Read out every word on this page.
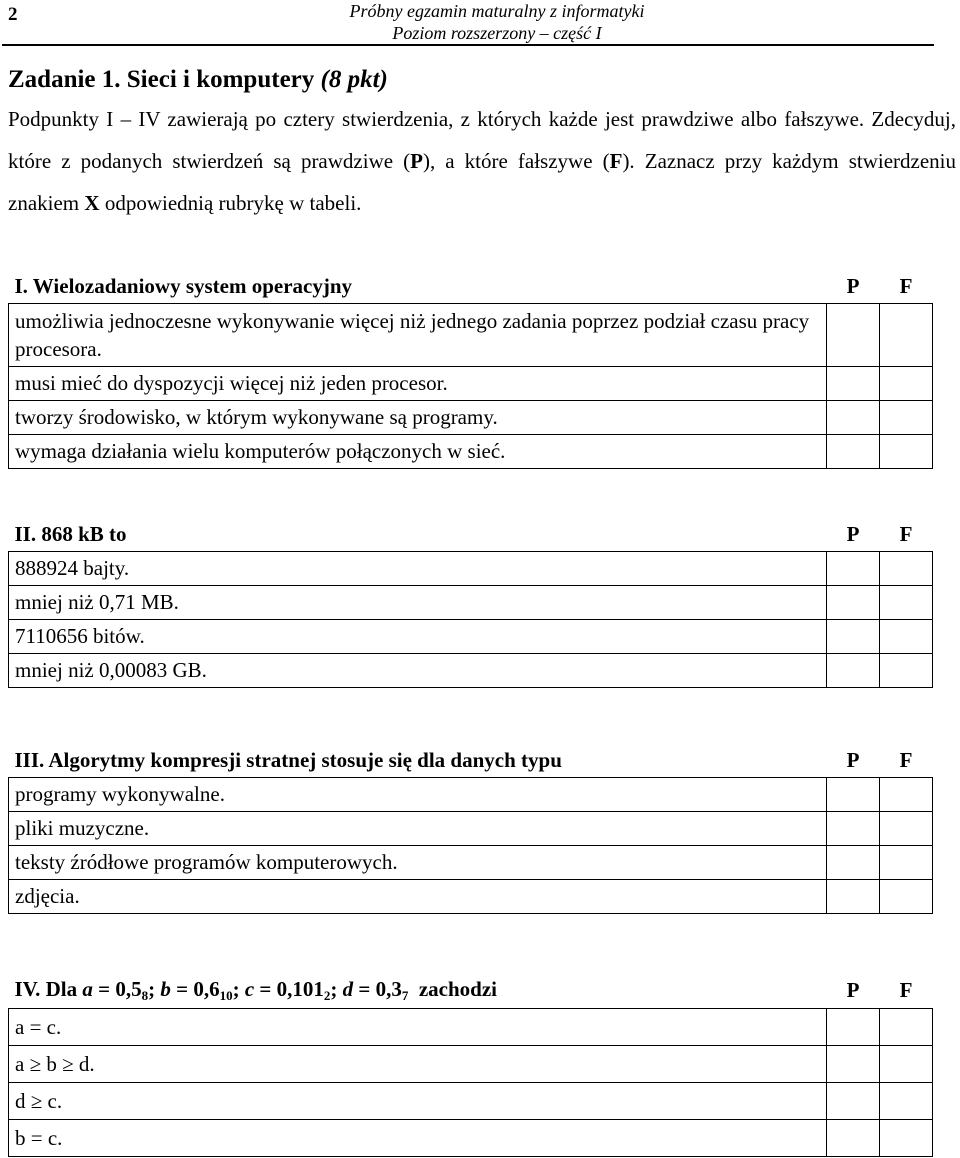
2	Próbny egzamin maturalny z informatyki
Poziom rozszerzony – część I
Zadanie 1. Sieci i komputery (8 pkt)
Podpunkty I – IV zawierają po cztery stwierdzenia, z których każde jest prawdziwe albo fałszywe. Zdecyduj, które z podanych stwierdzeń są prawdziwe (P), a które fałszywe (F). Zaznacz przy każdym stwierdzeniu znakiem X odpowiednią rubrykę w tabeli.
I. Wielozadaniowy system operacyjny	P	F
umożliwia jednoczesne wykonywanie więcej niż jednego zadania poprzez podział czasu pracy procesora.		
musi mieć do dyspozycji więcej niż jeden procesor.		
tworzy środowisko, w którym wykonywane są programy.		
wymaga działania wielu komputerów połączonych w sieć.		
II. 868 kB to	P	F
888924 bajty.		
mniej niż 0,71 MB.		
7110656 bitów.		
mniej niż 0,00083 GB.		
III. Algorytmy kompresji stratnej stosuje się dla danych typu	P	F
programy wykonywalne.		
pliki muzyczne.		
teksty źródłowe programów komputerowych.		
zdjęcia.		
IV. Dla $a = 0,5_8$; $b = 0,6_{10}$; $c = 0,101_2$; $d = 0,3_7$ zachodzi	P	F
a = c.		
a ≥ b ≥ d.		
d ≥ c.		
b = c.		
